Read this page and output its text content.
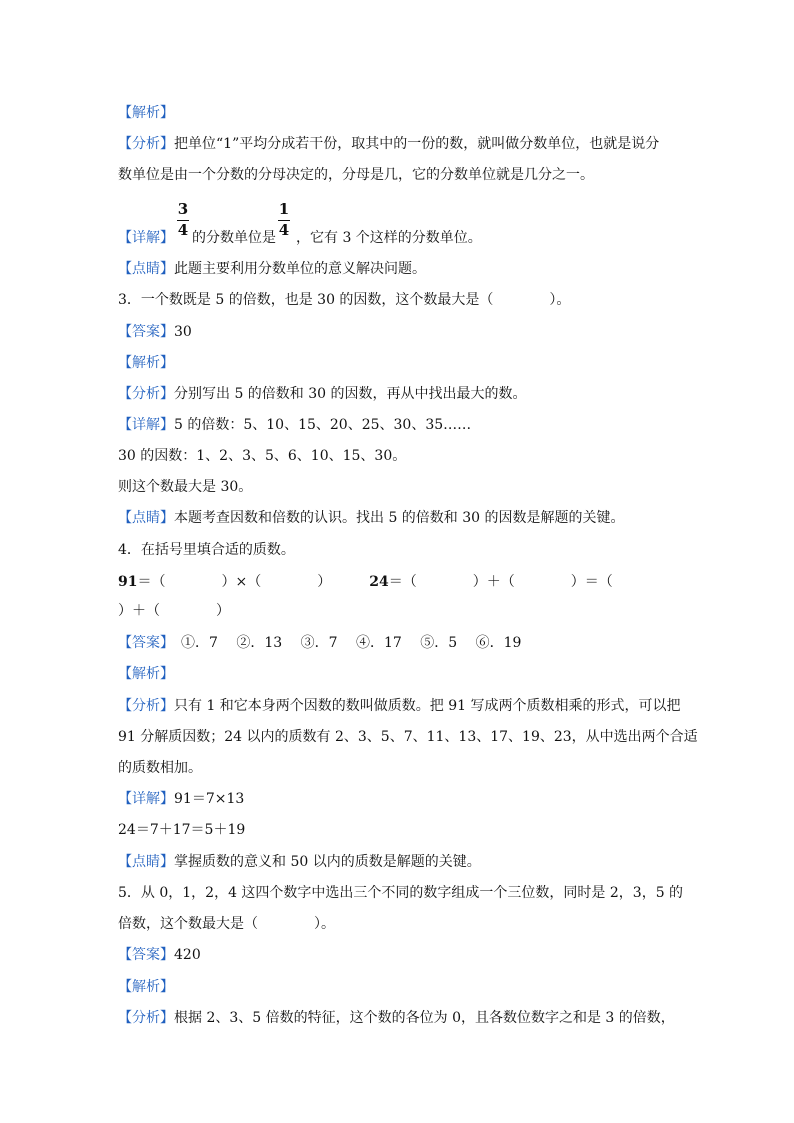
【解析】
【分析】把单位“1”平均分成若干份，取其中的一份的数，就叫做分数单位，也就是说分
数单位是由一个分数的分母决定的，分母是几，它的分数单位就是几分之一。
【详解】 的分数单位是 ，它有 3 个这样的分数单位。
3
4
1
4
【点睛】此题主要利用分数单位的意义解决问题。
3．一个数既是 5 的倍数，也是 30 的因数，这个数最大是（　　　　）。
【答案】30
【解析】
【分析】分别写出 5 的倍数和 30 的因数，再从中找出最大的数。
【详解】5 的倍数：5、10、15、20、25、30、35……
30 的因数：1、2、3、5、6、10、15、30。
则这个数最大是 30。
【点睛】本题考查因数和倍数的认识。找出 5 的倍数和 30 的因数是解题的关键。
4．在括号里填合适的质数。
91＝（　　　　）×（　　　　）	24＝（　　　　）＋（　　　　）＝（
）＋（　　　　）
【答案】　①．7　 ②．13　 ③．7　 ④．17　 ⑤．5　 ⑥．19
【解析】
【分析】只有 1 和它本身两个因数的数叫做质数。把 91 写成两个质数相乘的形式，可以把
91 分解质因数；24 以内的质数有 2、3、5、7、11、13、17、19、23，从中选出两个合适
的质数相加。
【详解】91＝7×13
24＝7＋17＝5＋19
【点睛】掌握质数的意义和 50 以内的质数是解题的关键。
5．从 0，1，2，4 这四个数字中选出三个不同的数字组成一个三位数，同时是 2，3，5 的
倍数，这个数最大是（　　　　）。
【答案】420
【解析】
【分析】根据 2、3、5 倍数的特征，这个数的各位为 0，且各数位数字之和是 3 的倍数，
